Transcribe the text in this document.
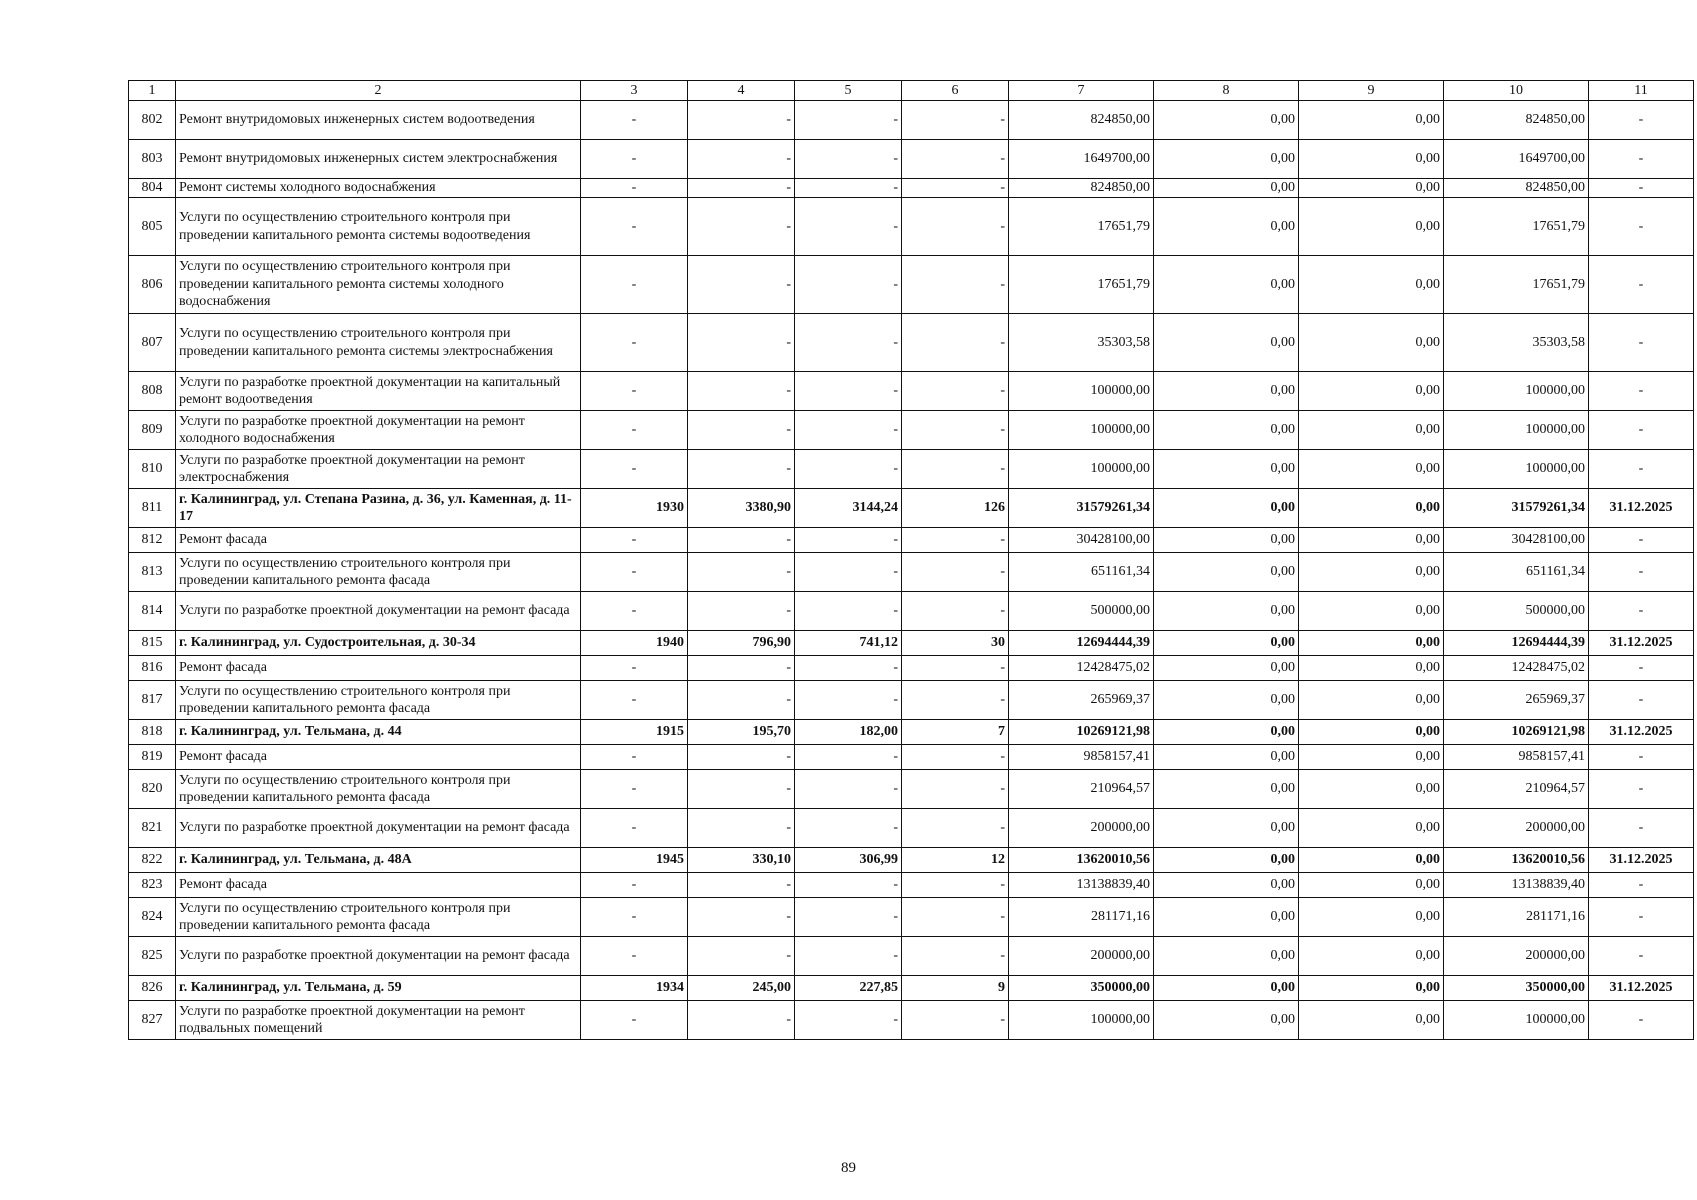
1	2	3	4	5	6	7	8	9	10	11
802	Ремонт внутридомовых инженерных систем водоотведения	-	-	-	-	824850,00	0,00	0,00	824850,00	-
803	Ремонт внутридомовых инженерных систем электроснабжения	-	-	-	-	1649700,00	0,00	0,00	1649700,00	-
804	Ремонт системы холодного водоснабжения	-	-	-	-	824850,00	0,00	0,00	824850,00	-
805	Услуги по осуществлению строительного контроля при проведении капитального ремонта системы водоотведения	-	-	-	-	17651,79	0,00	0,00	17651,79	-
806	Услуги по осуществлению строительного контроля при проведении капитального ремонта системы холодного водоснабжения	-	-	-	-	17651,79	0,00	0,00	17651,79	-
807	Услуги по осуществлению строительного контроля при проведении капитального ремонта системы электроснабжения	-	-	-	-	35303,58	0,00	0,00	35303,58	-
808	Услуги по разработке проектной документации на капитальный ремонт водоотведения	-	-	-	-	100000,00	0,00	0,00	100000,00	-
809	Услуги по разработке проектной документации на ремонт холодного водоснабжения	-	-	-	-	100000,00	0,00	0,00	100000,00	-
810	Услуги по разработке проектной документации на ремонт электроснабжения	-	-	-	-	100000,00	0,00	0,00	100000,00	-
811	г. Калининград, ул. Степана Разина, д. 36, ул. Каменная, д. 11-17	1930	3380,90	3144,24	126	31579261,34	0,00	0,00	31579261,34	31.12.2025
812	Ремонт фасада	-	-	-	-	30428100,00	0,00	0,00	30428100,00	-
813	Услуги по осуществлению строительного контроля при проведении капитального ремонта фасада	-	-	-	-	651161,34	0,00	0,00	651161,34	-
814	Услуги по разработке проектной документации на ремонт фасада	-	-	-	-	500000,00	0,00	0,00	500000,00	-
815	г. Калининград, ул. Судостроительная, д. 30-34	1940	796,90	741,12	30	12694444,39	0,00	0,00	12694444,39	31.12.2025
816	Ремонт фасада	-	-	-	-	12428475,02	0,00	0,00	12428475,02	-
817	Услуги по осуществлению строительного контроля при проведении капитального ремонта фасада	-	-	-	-	265969,37	0,00	0,00	265969,37	-
818	г. Калининград, ул. Тельмана, д. 44	1915	195,70	182,00	7	10269121,98	0,00	0,00	10269121,98	31.12.2025
819	Ремонт фасада	-	-	-	-	9858157,41	0,00	0,00	9858157,41	-
820	Услуги по осуществлению строительного контроля при проведении капитального ремонта фасада	-	-	-	-	210964,57	0,00	0,00	210964,57	-
821	Услуги по разработке проектной документации на ремонт фасада	-	-	-	-	200000,00	0,00	0,00	200000,00	-
822	г. Калининград, ул. Тельмана, д. 48А	1945	330,10	306,99	12	13620010,56	0,00	0,00	13620010,56	31.12.2025
823	Ремонт фасада	-	-	-	-	13138839,40	0,00	0,00	13138839,40	-
824	Услуги по осуществлению строительного контроля при проведении капитального ремонта фасада	-	-	-	-	281171,16	0,00	0,00	281171,16	-
825	Услуги по разработке проектной документации на ремонт фасада	-	-	-	-	200000,00	0,00	0,00	200000,00	-
826	г. Калининград, ул. Тельмана, д. 59	1934	245,00	227,85	9	350000,00	0,00	0,00	350000,00	31.12.2025
827	Услуги по разработке проектной документации на ремонт подвальных помещений	-	-	-	-	100000,00	0,00	0,00	100000,00	-
89
